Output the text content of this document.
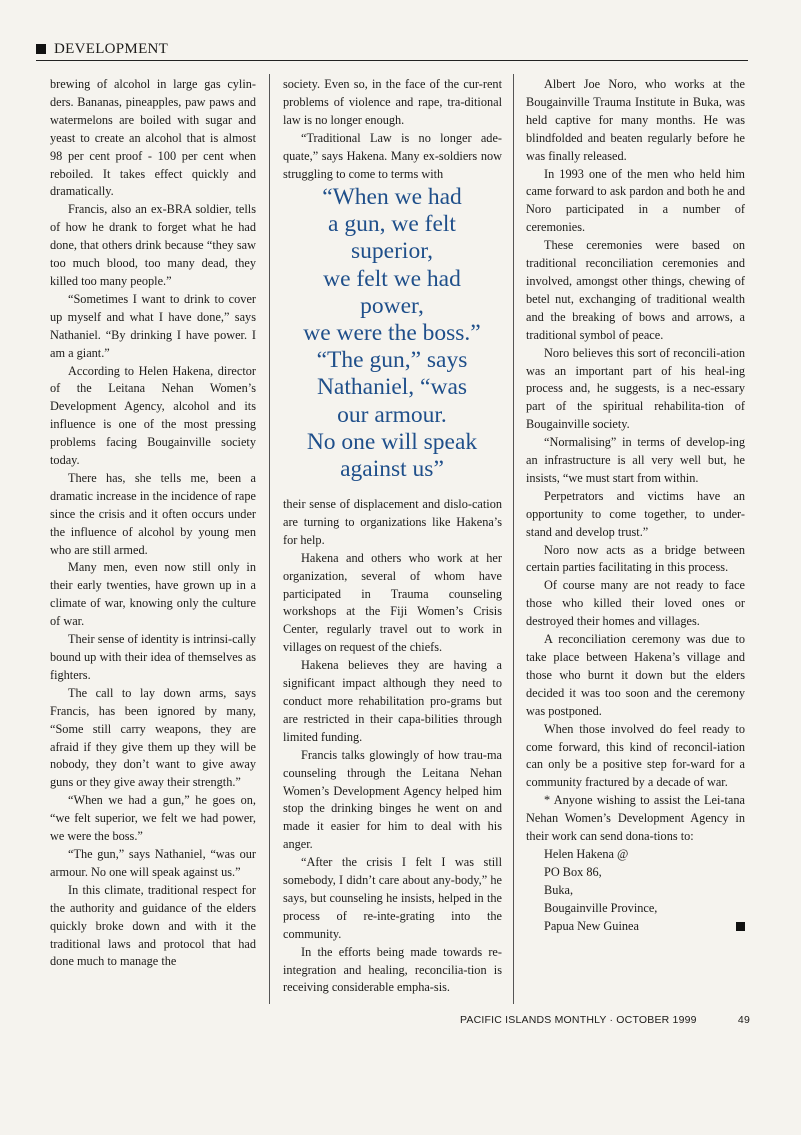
DEVELOPMENT

brewing of alcohol in large gas cylin-ders. Bananas, pineapples, paw paws and watermelons are boiled with sugar and yeast to create an alcohol that is almost 98 per cent proof - 100 per cent when reboiled. It takes effect quickly and dramatically.

Francis, also an ex-BRA soldier, tells of how he drank to forget what he had done, that others drink because “they saw too much blood, too many dead, they killed too many people.”

“Sometimes I want to drink to cover up myself and what I have done,” says Nathaniel. “By drinking I have power. I am a giant.”

According to Helen Hakena, director of the Leitana Nehan Women’s Development Agency, alcohol and its influence is one of the most pressing problems facing Bougainville society today.

There has, she tells me, been a dramatic increase in the incidence of rape since the crisis and it often occurs under the influence of alcohol by young men who are still armed.

Many men, even now still only in their early twenties, have grown up in a climate of war, knowing only the culture of war.

Their sense of identity is intrinsi-cally bound up with their idea of themselves as fighters.

The call to lay down arms, says Francis, has been ignored by many, “Some still carry weapons, they are afraid if they give them up they will be nobody, they don’t want to give away guns or they give away their strength.”

“When we had a gun,” he goes on, “we felt superior, we felt we had power, we were the boss.”

“The gun,” says Nathaniel, “was our armour. No one will speak against us.”

In this climate, traditional respect for the authority and guidance of the elders quickly broke down and with it the traditional laws and protocol that had done much to manage the

society. Even so, in the face of the cur-rent problems of violence and rape, tra-ditional law is no longer enough.

“Traditional Law is no longer ade-quate,” says Hakena. Many ex-soldiers now struggling to come to terms with

“When we had
a gun, we felt
superior,
we felt we had
power,
we were the boss.”
“The gun,” says
Nathaniel, “was
our armour.
No one will speak
against us”

their sense of displacement and dislo-cation are turning to organizations like Hakena’s for help.

Hakena and others who work at her organization, several of whom have participated in Trauma counseling workshops at the Fiji Women’s Crisis Center, regularly travel out to work in villages on request of the chiefs.

Hakena believes they are having a significant impact although they need to conduct more rehabilitation pro-grams but are restricted in their capa-bilities through limited funding.

Francis talks glowingly of how trau-ma counseling through the Leitana Nehan Women’s Development Agency helped him stop the drinking binges he went on and made it easier for him to deal with his anger.

“After the crisis I felt I was still somebody, I didn’t care about any-body,” he says, but counseling he insists, helped in the process of re-inte-grating into the community.

In the efforts being made towards re-integration and healing, reconcilia-tion is receiving considerable empha-sis.

Albert Joe Noro, who works at the Bougainville Trauma Institute in Buka, was held captive for many months. He was blindfolded and beaten regularly before he was finally released.

In 1993 one of the men who held him came forward to ask pardon and both he and Noro participated in a number of ceremonies.

These ceremonies were based on traditional reconciliation ceremonies and involved, amongst other things, chewing of betel nut, exchanging of traditional wealth and the breaking of bows and arrows, a traditional symbol of peace.

Noro believes this sort of reconcili-ation was an important part of his heal-ing process and, he suggests, is a nec-essary part of the spiritual rehabilita-tion of Bougainville society.

“Normalising” in terms of develop-ing an infrastructure is all very well but, he insists, “we must start from within.

Perpetrators and victims have an opportunity to come together, to under-stand and develop trust.”

Noro now acts as a bridge between certain parties facilitating in this process.

Of course many are not ready to face those who killed their loved ones or destroyed their homes and villages.

A reconciliation ceremony was due to take place between Hakena’s village and those who burnt it down but the elders decided it was too soon and the ceremony was postponed.

When those involved do feel ready to come forward, this kind of reconcil-iation can only be a positive step for-ward for a community fractured by a decade of war.

* Anyone wishing to assist the Lei-tana Nehan Women’s Development Agency in their work can send dona-tions to:

Helen Hakena @

PO Box 86,

Buka,

Bougainville Province,

Papua New Guinea

PACIFIC ISLANDS MONTHLY · OCTOBER 1999	49
